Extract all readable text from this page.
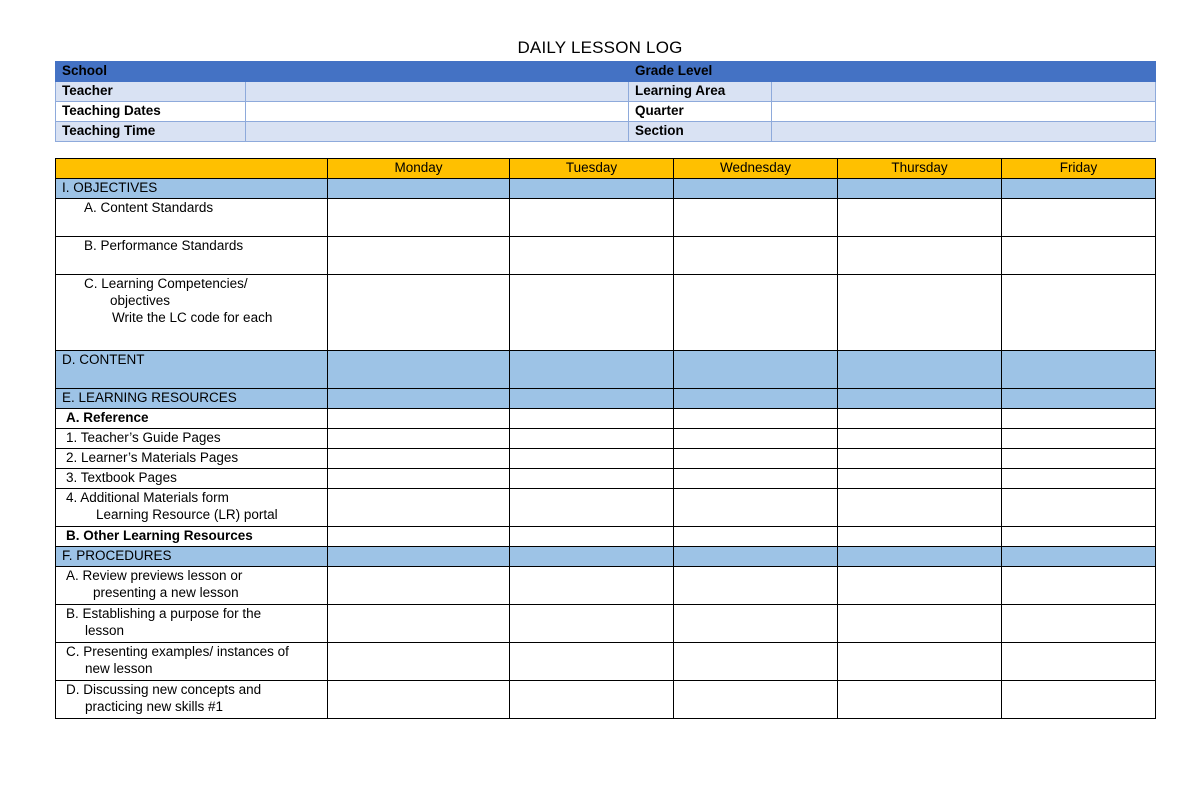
DAILY LESSON LOG
School		Grade Level	
Teacher		Learning Area	
Teaching Dates		Quarter	
Teaching Time		Section	
	Monday	Tuesday	Wednesday	Thursday	Friday
I. OBJECTIVES					
A. Content Standards					
B. Performance Standards					

C. Learning Competencies/
objectives
Write the LC code for each					

D. CONTENT					
E. LEARNING RESOURCES					
A. Reference					
1. Teacher’s Guide Pages					
2. Learner’s Materials Pages					
3. Textbook Pages					

4. Additional Materials form
Learning Resource (LR) portal					

B. Other Learning Resources					
F. PROCEDURES					

A. Review previews lesson or
presenting a new lesson					

B. Establishing a purpose for the
lesson					

C. Presenting examples/ instances of
new lesson					

D. Discussing new concepts and
practicing new skills #1					
